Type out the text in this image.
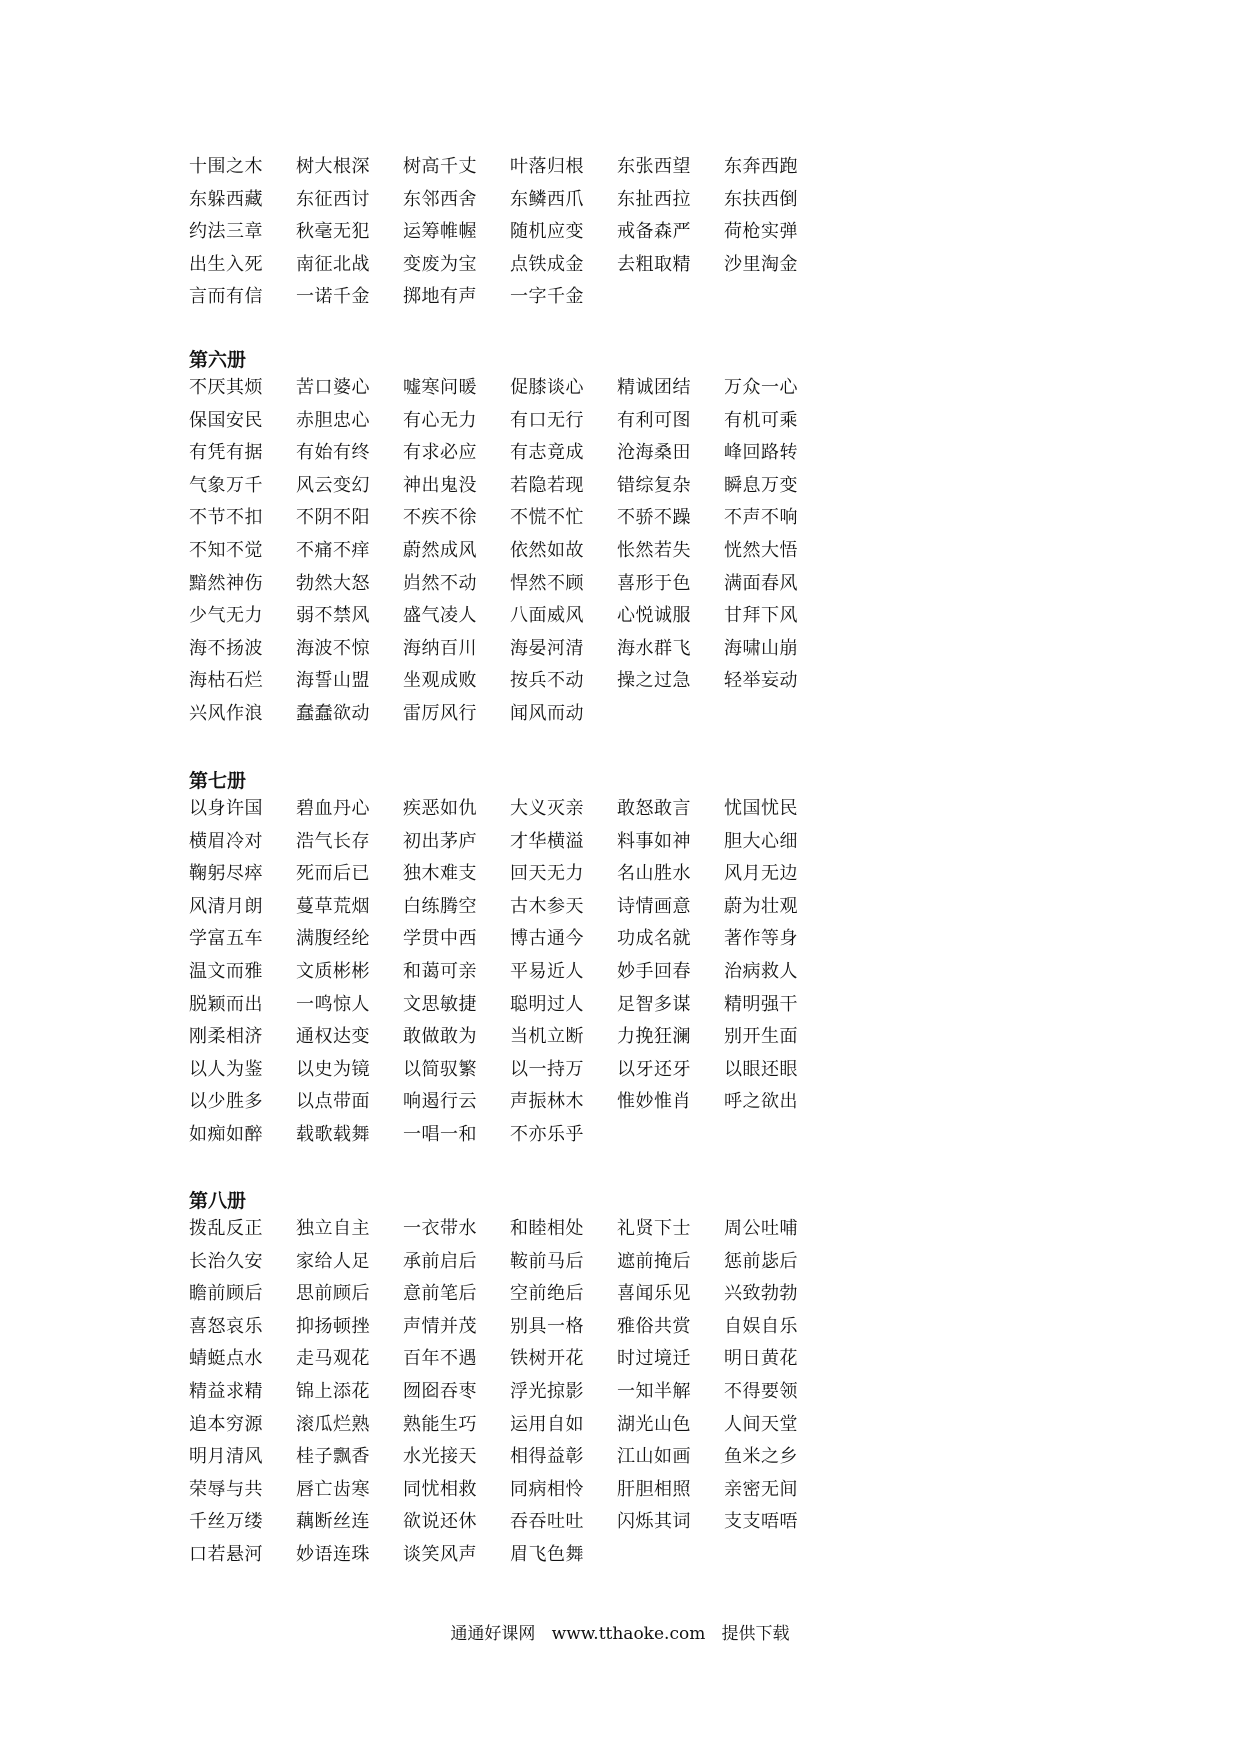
十围之木	树大根深	树高千丈	叶落归根	东张西望	东奔西跑
东躲西藏	东征西讨	东邻西舍	东鳞西爪	东扯西拉	东扶西倒
约法三章	秋毫无犯	运筹帷幄	随机应变	戒备森严	荷枪实弹
出生入死	南征北战	变废为宝	点铁成金	去粗取精	沙里淘金
言而有信	一诺千金	掷地有声	一字千金
第六册
不厌其烦	苦口婆心	嘘寒问暖	促膝谈心	精诚团结	万众一心
保国安民	赤胆忠心	有心无力	有口无行	有利可图	有机可乘
有凭有据	有始有终	有求必应	有志竟成	沧海桑田	峰回路转
气象万千	风云变幻	神出鬼没	若隐若现	错综复杂	瞬息万变
不节不扣	不阴不阳	不疾不徐	不慌不忙	不骄不躁	不声不响
不知不觉	不痛不痒	蔚然成风	依然如故	怅然若失	恍然大悟
黯然神伤	勃然大怒	岿然不动	悍然不顾	喜形于色	满面春风
少气无力	弱不禁风	盛气凌人	八面威风	心悦诚服	甘拜下风
海不扬波	海波不惊	海纳百川	海晏河清	海水群飞	海啸山崩
海枯石烂	海誓山盟	坐观成败	按兵不动	操之过急	轻举妄动
兴风作浪	蠢蠢欲动	雷厉风行	闻风而动
第七册
以身许国	碧血丹心	疾恶如仇	大义灭亲	敢怒敢言	忧国忧民
横眉冷对	浩气长存	初出茅庐	才华横溢	料事如神	胆大心细
鞠躬尽瘁	死而后已	独木难支	回天无力	名山胜水	风月无边
风清月朗	蔓草荒烟	白练腾空	古木参天	诗情画意	蔚为壮观
学富五车	满腹经纶	学贯中西	博古通今	功成名就	著作等身
温文而雅	文质彬彬	和蔼可亲	平易近人	妙手回春	治病救人
脱颖而出	一鸣惊人	文思敏捷	聪明过人	足智多谋	精明强干
刚柔相济	通权达变	敢做敢为	当机立断	力挽狂澜	别开生面
以人为鉴	以史为镜	以简驭繁	以一持万	以牙还牙	以眼还眼
以少胜多	以点带面	响遏行云	声振林木	惟妙惟肖	呼之欲出
如痴如醉	载歌载舞	一唱一和	不亦乐乎
第八册
拨乱反正	独立自主	一衣带水	和睦相处	礼贤下士	周公吐哺
长治久安	家给人足	承前启后	鞍前马后	遮前掩后	惩前毖后
瞻前顾后	思前顾后	意前笔后	空前绝后	喜闻乐见	兴致勃勃
喜怒哀乐	抑扬顿挫	声情并茂	别具一格	雅俗共赏	自娱自乐
蜻蜓点水	走马观花	百年不遇	铁树开花	时过境迁	明日黄花
精益求精	锦上添花	囫囵吞枣	浮光掠影	一知半解	不得要领
追本穷源	滚瓜烂熟	熟能生巧	运用自如	湖光山色	人间天堂
明月清风	桂子飘香	水光接天	相得益彰	江山如画	鱼米之乡
荣辱与共	唇亡齿寒	同忧相救	同病相怜	肝胆相照	亲密无间
千丝万缕	藕断丝连	欲说还休	吞吞吐吐	闪烁其词	支支唔唔
口若悬河	妙语连珠	谈笑风声	眉飞色舞
通通好课网 www.tthaoke.com 提供下载
